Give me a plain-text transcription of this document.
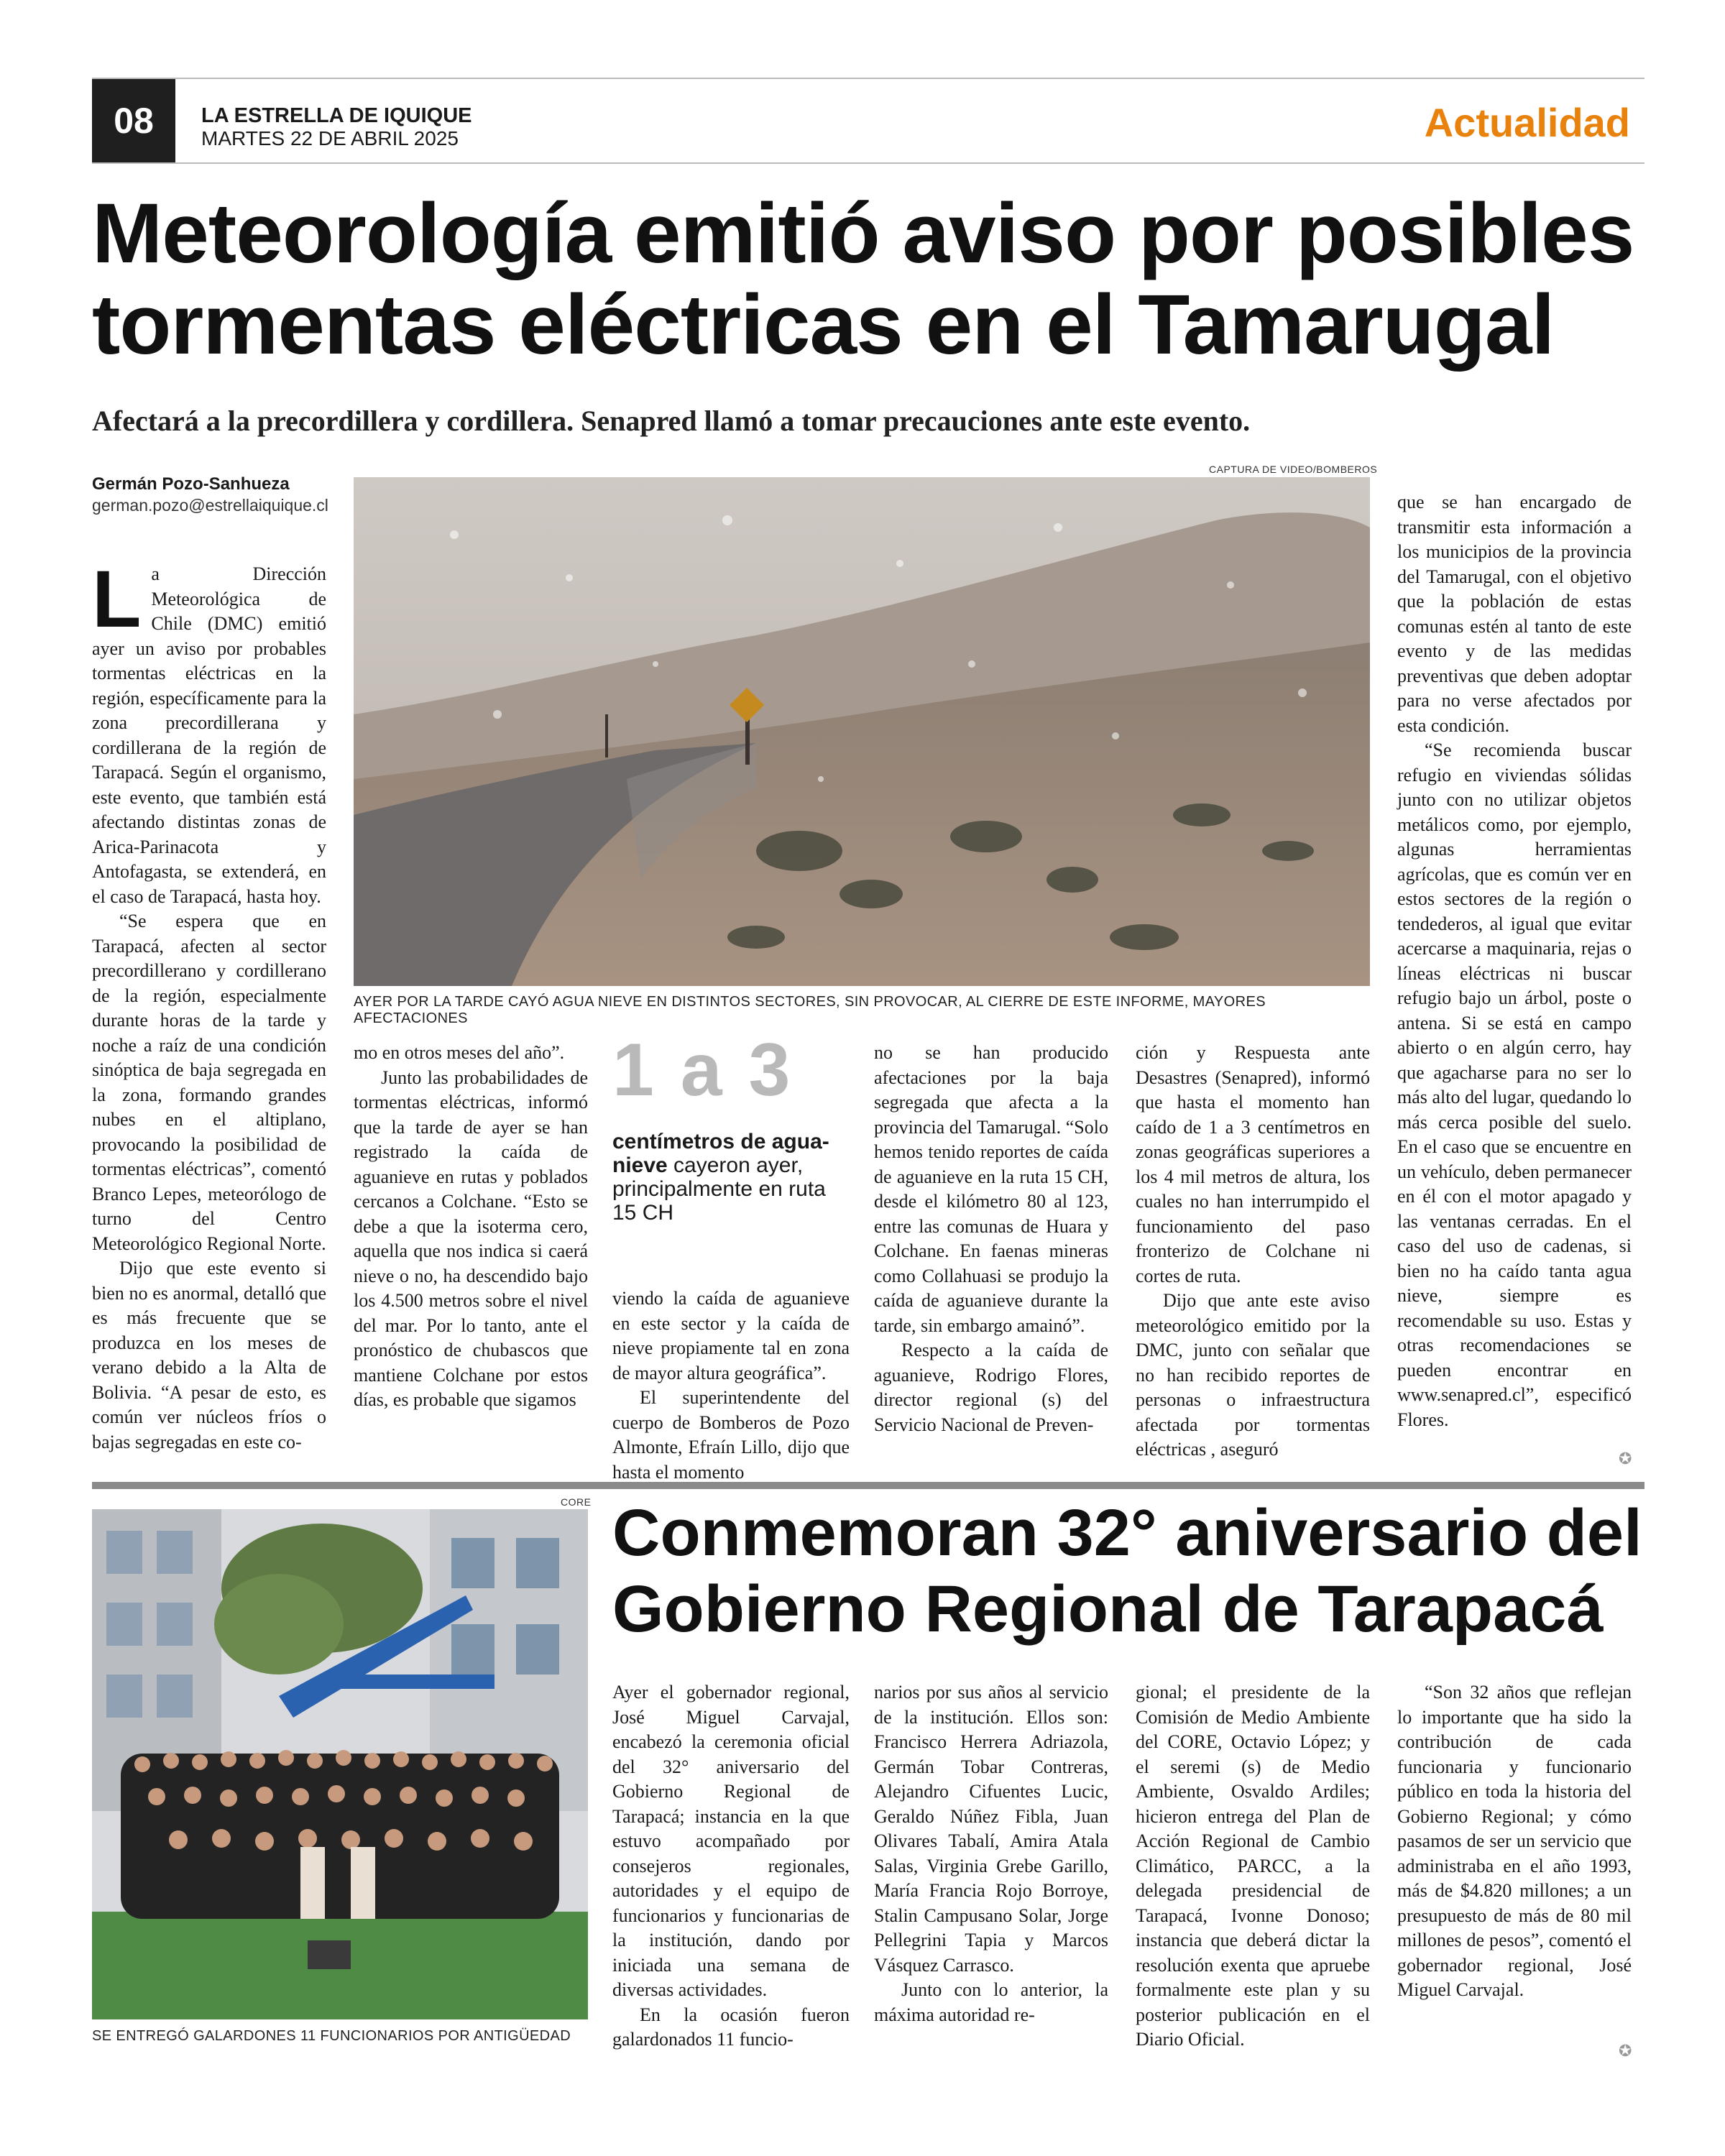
08	LA ESTRELLA DE IQUIQUE
MARTES 22 DE ABRIL 2025	Actualidad
Meteorología emitió aviso por posibles
tormentas eléctricas en el Tamarugal
Afectará a la precordillera y cordillera. Senapred llamó a tomar precauciones ante este evento.
Germán Pozo-Sanhueza
german.pozo@estrellaiquique.cl
CAPTURA DE VIDEO/BOMBEROS
AYER POR LA TARDE CAYÓ AGUA NIEVE EN DISTINTOS SECTORES, SIN PROVOCAR, AL CIERRE DE ESTE INFORME, MAYORES AFECTACIONES

La Dirección Meteorológica de Chile (DMC) emitió ayer un aviso por probables tormentas eléctricas en la región, específicamente para la zona precordillerana y cordillerana de la región de Tarapacá. Según el organismo, este evento, que también está afectando distintas zonas de Arica-Parinacota y Antofagasta, se extenderá, en el caso de Tarapacá, hasta hoy.

“Se espera que en Tarapacá, afecten al sector precordillerano y cordillerano de la región, especialmente durante horas de la tarde y noche a raíz de una condición sinóptica de baja segregada en la zona, formando grandes nubes en el altiplano, provocando la posibilidad de tormentas eléctricas”, comentó Branco Lepes, meteorólogo de turno del Centro Meteorológico Regional Norte.

Dijo que este evento si bien no es anormal, detalló que es más frecuente que se produzca en los meses de verano debido a la Alta de Bolivia. “A pesar de esto, es común ver núcleos fríos o bajas segregadas en este co-

mo en otros meses del año”.

Junto las probabilidades de tormentas eléctricas, informó que la tarde de ayer se han registrado la caída de aguanieve en rutas y poblados cercanos a Colchane. “Esto se debe a que la isoterma cero, aquella que nos indica si caerá nieve o no, ha descendido bajo los 4.500 metros sobre el nivel del mar. Por lo tanto, ante el pronóstico de chubascos que mantiene Colchane por estos días, es probable que sigamos

1 a 3
centímetros de agua-nieve cayeron ayer, principalmente en ruta 15 CH

viendo la caída de aguanieve en este sector y la caída de nieve propiamente tal en zona de mayor altura geográfica”.

El superintendente del cuerpo de Bomberos de Pozo Almonte, Efraín Lillo, dijo que hasta el momento

no se han producido afectaciones por la baja segregada que afecta a la provincia del Tamarugal. “Solo hemos tenido reportes de caída de aguanieve en la ruta 15 CH, desde el kilómetro 80 al 123, entre las comunas de Huara y Colchane. En faenas mineras como Collahuasi se produjo la caída de aguanieve durante la tarde, sin embargo amainó”.

Respecto a la caída de aguanieve, Rodrigo Flores, director regional (s) del Servicio Nacional de Preven-

ción y Respuesta ante Desastres (Senapred), informó que hasta el momento han caído de 1 a 3 centímetros en zonas geográficas superiores a los 4 mil metros de altura, los cuales no han interrumpido el funcionamiento del paso fronterizo de Colchane ni cortes de ruta.

Dijo que ante este aviso meteorológico emitido por la DMC, junto con señalar que no han recibido reportes de personas o infraestructura afectada por tormentas eléctricas , aseguró

que se han encargado de transmitir esta información a los municipios de la provincia del Tamarugal, con el objetivo que la población de estas comunas estén al tanto de este evento y de las medidas preventivas que deben adoptar para no verse afectados por esta condición.

“Se recomienda buscar refugio en viviendas sólidas junto con no utilizar objetos metálicos como, por ejemplo, algunas herramientas agrícolas, que es común ver en estos sectores de la región o tendederos, al igual que evitar acercarse a maquinaria, rejas o líneas eléctricas ni buscar refugio bajo un árbol, poste o antena. Si se está en campo abierto o en algún cerro, hay que agacharse para no ser lo más alto del lugar, quedando lo más cerca posible del suelo. En el caso que se encuentre en un vehículo, deben permanecer en él con el motor apagado y las ventanas cerradas. En el caso del uso de cadenas, si bien no ha caído tanta agua nieve, siempre es recomendable su uso. Estas y otras recomendaciones se pueden encontrar en www.senapred.cl”, especificó Flores.

✪
CORE
SE ENTREGÓ GALARDONES 11 FUNCIONARIOS POR ANTIGÜEDAD
Conmemoran 32° aniversario del
Gobierno Regional de Tarapacá

Ayer el gobernador regional, José Miguel Carvajal, encabezó la ceremonia oficial del 32° aniversario del Gobierno Regional de Tarapacá; instancia en la que estuvo acompañado por consejeros regionales, autoridades y el equipo de funcionarios y funcionarias de la institución, dando por iniciada una semana de diversas actividades.

En la ocasión fueron galardonados 11 funcio-

narios por sus años al servicio de la institución. Ellos son: Francisco Herrera Adriazola, Germán Tobar Contreras, Alejandro Cifuentes Lucic, Geraldo Núñez Fibla, Juan Olivares Tabalí, Amira Atala Salas, Virginia Grebe Garillo, María Francia Rojo Borroye, Stalin Campusano Solar, Jorge Pellegrini Tapia y Marcos Vásquez Carrasco.

Junto con lo anterior, la máxima autoridad re-

gional; el presidente de la Comisión de Medio Ambiente del CORE, Octavio López; y el seremi (s) de Medio Ambiente, Osvaldo Ardiles; hicieron entrega del Plan de Acción Regional de Cambio Climático, PARCC, a la delegada presidencial de Tarapacá, Ivonne Donoso; instancia que deberá dictar la resolución exenta que apruebe formalmente este plan y su posterior publicación en el Diario Oficial.

“Son 32 años que reflejan lo importante que ha sido la contribución de cada funcionaria y funcionario público en toda la historia del Gobierno Regional; y cómo pasamos de ser un servicio que administraba en el año 1993, más de $4.820 millones; a un presupuesto de más de 80 mil millones de pesos”, comentó el gobernador regional, José Miguel Carvajal.

✪
